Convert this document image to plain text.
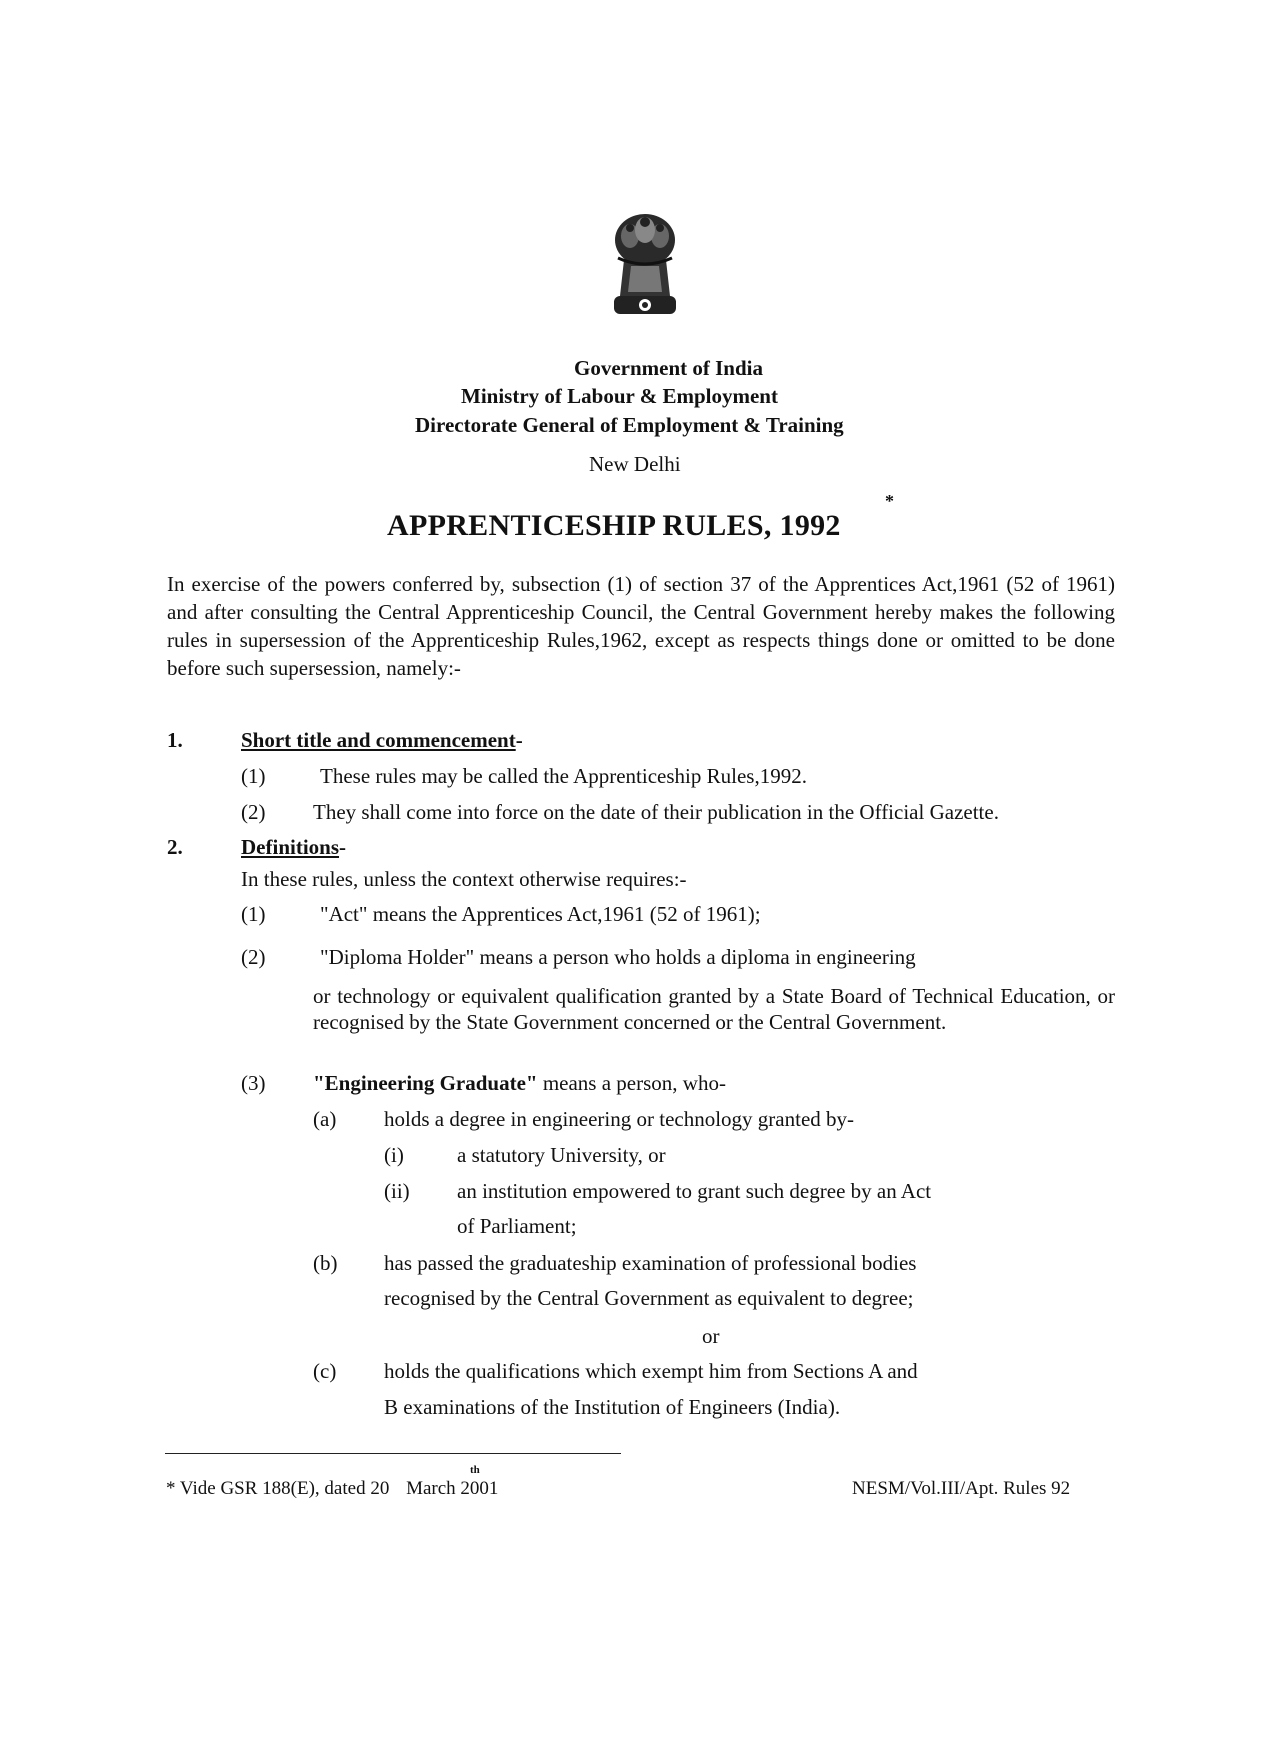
Government of India
Ministry of Labour & Employment
Directorate General of Employment & Training
New Delhi
APPRENTICESHIP RULES, 1992
*
In exercise of the powers conferred by, subsection (1) of section 37 of the Apprentices Act,1961 (52 of 1961) and after consulting the Central Apprenticeship Council, the Central Government hereby makes the following rules in supersession of the Apprenticeship Rules,1962, except as respects things done or omitted to be done before such supersession, namely:-
1.	Short title and commencement-
(1)	These rules may be called the Apprenticeship Rules,1992.
(2) They shall come into force on the date of their publication in the Official Gazette.
2.	Definitions-
In these rules, unless the context otherwise requires:-
(1)	"Act" means the Apprentices Act,1961 (52 of 1961);
(2)	"Diploma Holder" means a person who holds a diploma in engineering
or technology or equivalent qualification granted by a State Board of Technical Education, or recognised by the State Government concerned or the Central Government.
(3) "Engineering Graduate" means a person, who-
(a) holds a degree in engineering or technology granted by-
(i)	a statutory University, or
(ii) an institution empowered to grant such degree by an Act
of Parliament;
(b) has passed the graduateship examination of professional bodies
recognised by the Central Government as equivalent to degree;
or
(c) holds the qualifications which exempt him from Sections A and
B examinations of the Institution of Engineers (India).
* Vide GSR 188(E), dated 20
th
March 2001	NESM/Vol.III/Apt. Rules 92
